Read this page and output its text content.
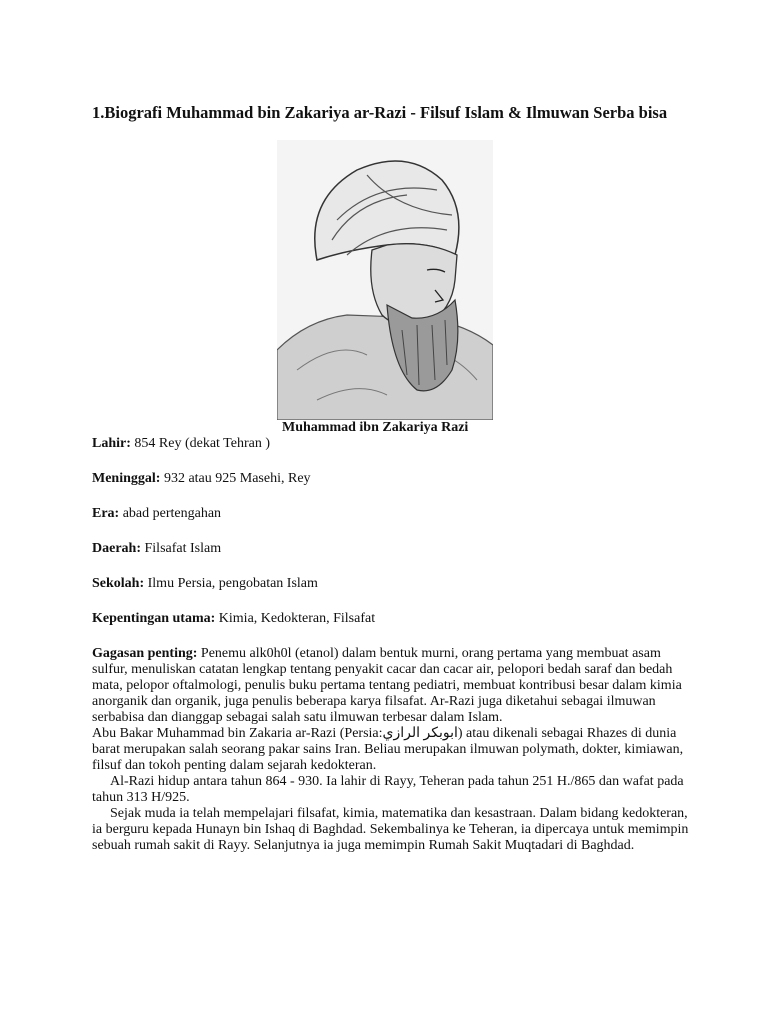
1.Biografi Muhammad bin Zakariya ar-Razi - Filsuf Islam & Ilmuwan Serba bisa

Muhammad ibn Zakariya Razi

Lahir: 854 Rey (dekat Tehran )

Meninggal: 932 atau 925 Masehi, Rey

Era: abad pertengahan

Daerah: Filsafat Islam

Sekolah: Ilmu Persia, pengobatan Islam

Kepentingan utama: Kimia, Kedokteran, Filsafat

Gagasan penting: Penemu alk0h0l (etanol) dalam bentuk murni, orang pertama yang membuat asam sulfur, menuliskan catatan lengkap tentang penyakit cacar dan cacar air, pelopori bedah saraf dan bedah mata, pelopor oftalmologi, penulis buku pertama tentang pediatri, membuat kontribusi besar dalam kimia anorganik dan organik, juga penulis beberapa karya filsafat. Ar-Razi juga diketahui sebagai ilmuwan serbabisa dan dianggap sebagai salah satu ilmuwan terbesar dalam Islam.

Abu Bakar Muhammad bin Zakaria ar-Razi (Persia:ابوبكر الرازي) atau dikenali sebagai Rhazes di dunia barat merupakan salah seorang pakar sains Iran. Beliau merupakan ilmuwan polymath, dokter, kimiawan, filsuf dan tokoh penting dalam sejarah kedokteran.

Al-Razi hidup antara tahun 864 - 930. Ia lahir di Rayy, Teheran pada tahun 251 H./865 dan wafat pada tahun 313 H/925.

Sejak muda ia telah mempelajari filsafat, kimia, matematika dan kesastraan. Dalam bidang kedokteran, ia berguru kepada Hunayn bin Ishaq di Baghdad. Sekembalinya ke Teheran, ia dipercaya untuk memimpin sebuah rumah sakit di Rayy. Selanjutnya ia juga memimpin Rumah Sakit Muqtadari di Baghdad.
